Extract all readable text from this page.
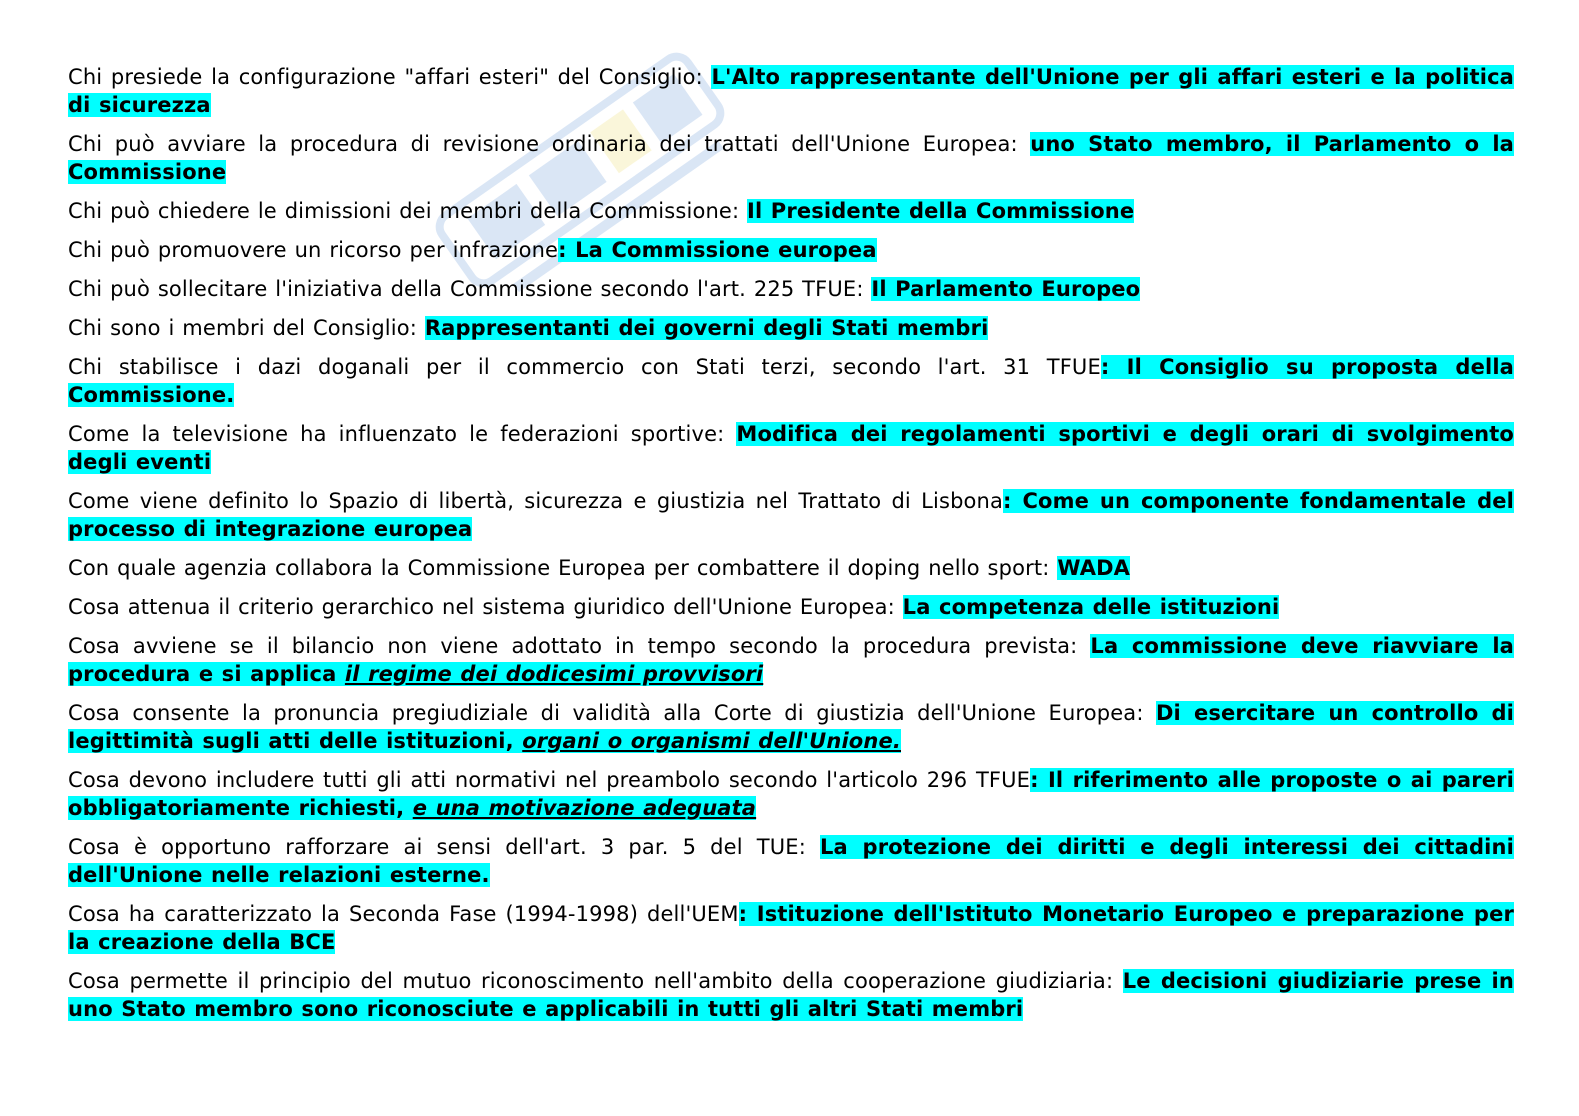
Chi presiede la configurazione "affari esteri" del Consiglio: L'Alto rappresentante dell'Unione per gli affari esteri e la politica di sicurezza

Chi può avviare la procedura di revisione ordinaria dei trattati dell'Unione Europea: uno Stato membro, il Parlamento o la Commissione

Chi può chiedere le dimissioni dei membri della Commissione: Il Presidente della Commissione

Chi può promuovere un ricorso per infrazione: La Commissione europea

Chi può sollecitare l'iniziativa della Commissione secondo l'art. 225 TFUE: Il Parlamento Europeo

Chi sono i membri del Consiglio: Rappresentanti dei governi degli Stati membri

Chi stabilisce i dazi doganali per il commercio con Stati terzi, secondo l'art. 31 TFUE: Il Consiglio su proposta della Commissione.

Come la televisione ha influenzato le federazioni sportive: Modifica dei regolamenti sportivi e degli orari di svolgimento degli eventi

Come viene definito lo Spazio di libertà, sicurezza e giustizia nel Trattato di Lisbona: Come un componente fondamentale del processo di integrazione europea

Con quale agenzia collabora la Commissione Europea per combattere il doping nello sport: WADA

Cosa attenua il criterio gerarchico nel sistema giuridico dell'Unione Europea: La competenza delle istituzioni

Cosa avviene se il bilancio non viene adottato in tempo secondo la procedura prevista: La commissione deve riavviare la procedura e si applica il regime dei dodicesimi provvisori

Cosa consente la pronuncia pregiudiziale di validità alla Corte di giustizia dell'Unione Europea: Di esercitare un controllo di legittimità sugli atti delle istituzioni, organi o organismi dell'Unione.

Cosa devono includere tutti gli atti normativi nel preambolo secondo l'articolo 296 TFUE: Il riferimento alle proposte o ai pareri obbligatoriamente richiesti, e una motivazione adeguata

Cosa è opportuno rafforzare ai sensi dell'art. 3 par. 5 del TUE: La protezione dei diritti e degli interessi dei cittadini dell'Unione nelle relazioni esterne.

Cosa ha caratterizzato la Seconda Fase (1994-1998) dell'UEM: Istituzione dell'Istituto Monetario Europeo e preparazione per la creazione della BCE

Cosa permette il principio del mutuo riconoscimento nell'ambito della cooperazione giudiziaria: Le decisioni giudiziarie prese in uno Stato membro sono riconosciute e applicabili in tutti gli altri Stati membri
